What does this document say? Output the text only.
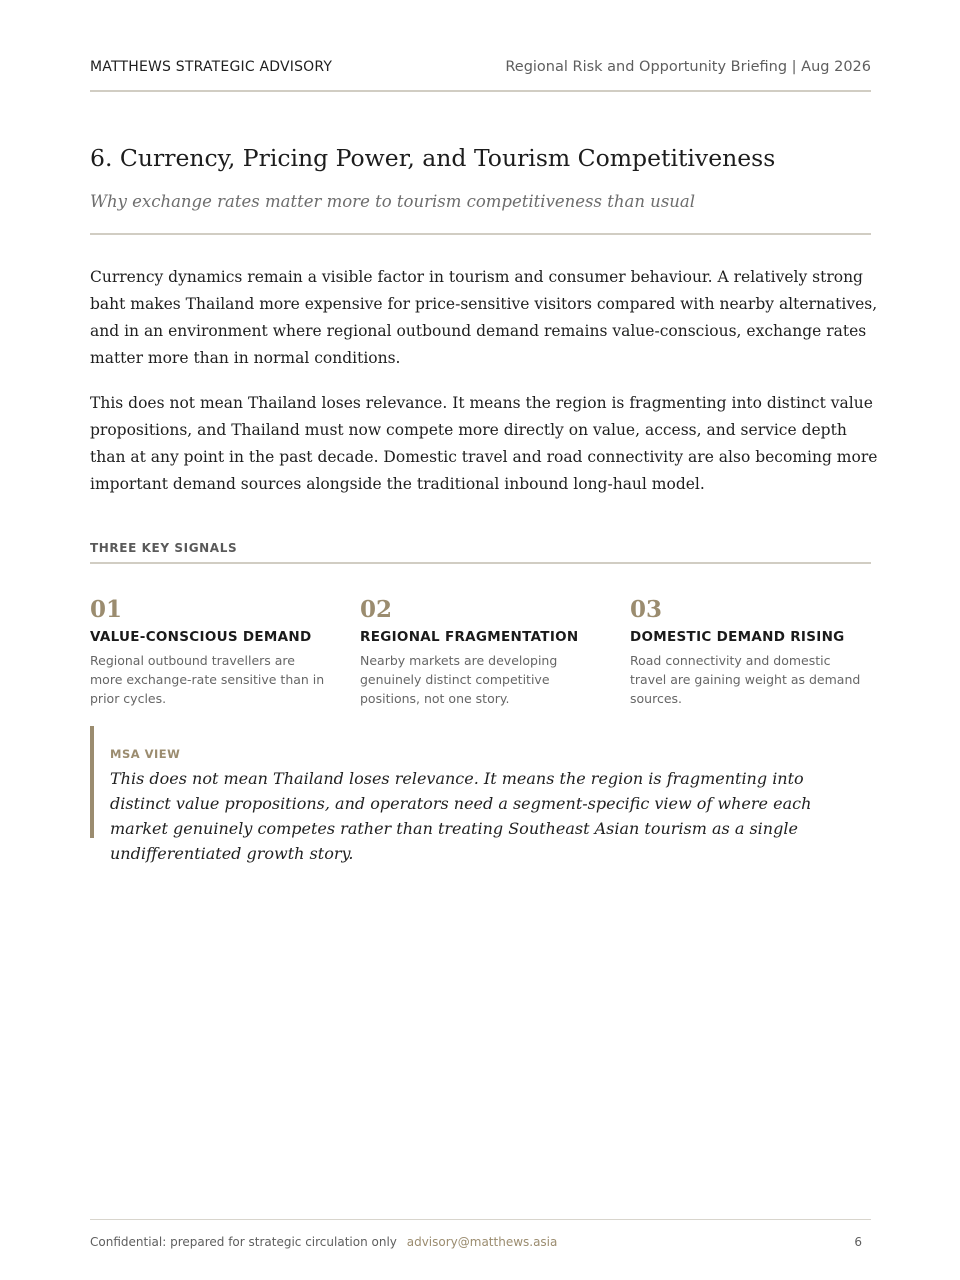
MATTHEWS STRATEGIC ADVISORY	Regional Risk and Opportunity Briefing | Aug 2026
6. Currency, Pricing Power, and Tourism Competitiveness
Why exchange rates matter more to tourism competitiveness than usual

Currency dynamics remain a visible factor in tourism and consumer behaviour. A relatively strong baht makes Thailand more expensive for price-sensitive visitors compared with nearby alternatives, and in an environment where regional outbound demand remains value-conscious, exchange rates matter more than in normal conditions.

This does not mean Thailand loses relevance. It means the region is fragmenting into distinct value propositions, and Thailand must now compete more directly on value, access, and service depth than at any point in the past decade. Domestic travel and road connectivity are also becoming more important demand sources alongside the traditional inbound long-haul model.

THREE KEY SIGNALS
01
VALUE-CONSCIOUS DEMAND
Regional outbound travellers are more exchange-rate sensitive than in prior cycles.
02
REGIONAL FRAGMENTATION
Nearby markets are developing genuinely distinct competitive positions, not one story.
03
DOMESTIC DEMAND RISING
Road connectivity and domestic travel are gaining weight as demand sources.
MSA VIEW

This does not mean Thailand loses relevance. It means the region is fragmenting into distinct value propositions, and operators need a segment-specific view of where each market genuinely competes rather than treating Southeast Asian tourism as a single undifferentiated growth story.

Confidential: prepared for strategic circulation only advisory@matthews.asia	6
